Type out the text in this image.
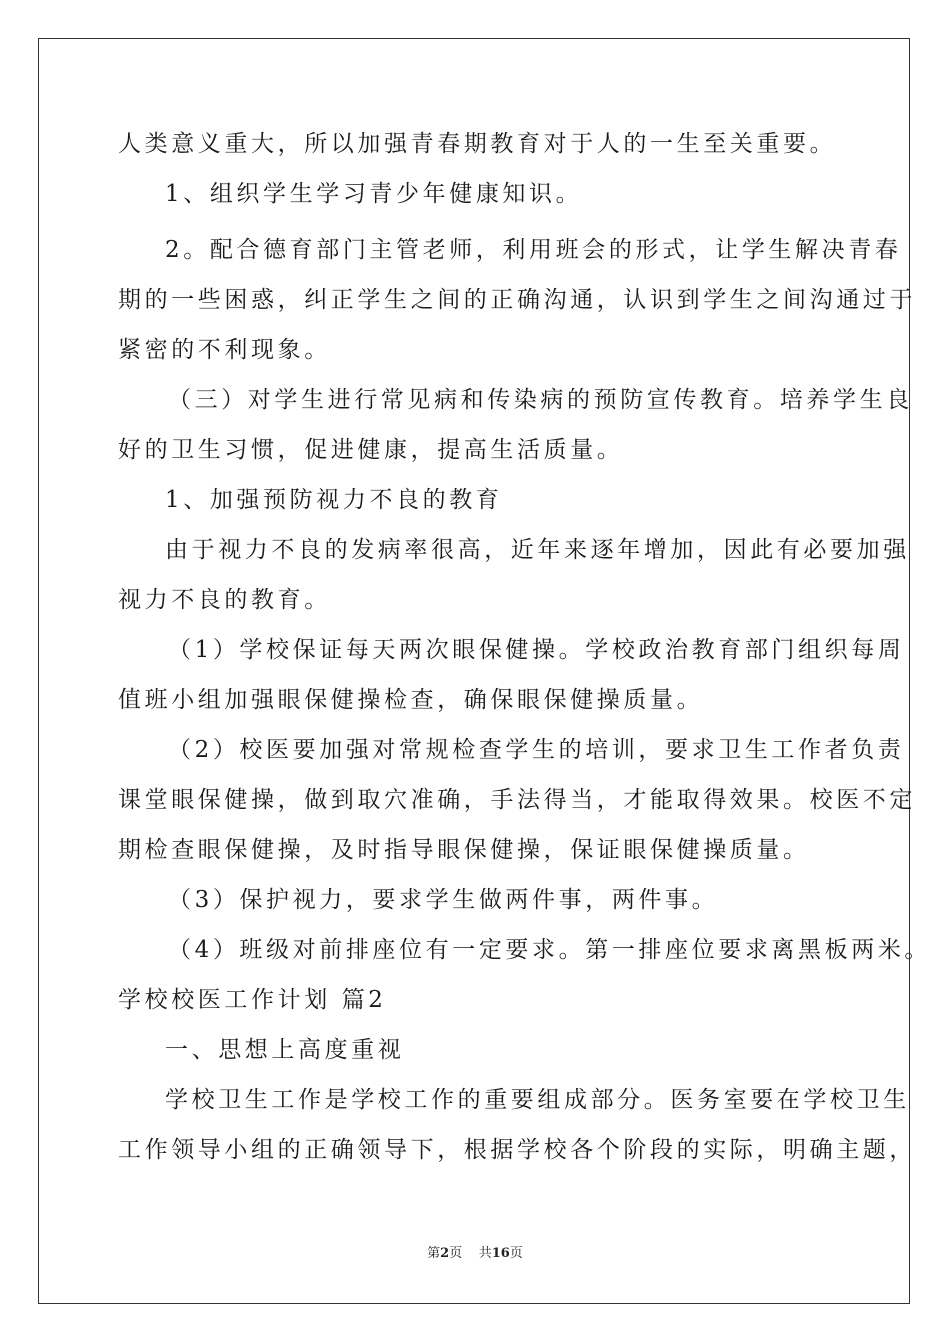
人类意义重大，所以加强青春期教育对于人的一生至关重要。
1、组织学生学习青少年健康知识。
2。配合德育部门主管老师，利用班会的形式，让学生解决青春
期的一些困惑，纠正学生之间的正确沟通，认识到学生之间沟通过于
紧密的不利现象。
（三）对学生进行常见病和传染病的预防宣传教育。培养学生良
好的卫生习惯，促进健康，提高生活质量。
1、加强预防视力不良的教育
由于视力不良的发病率很高，近年来逐年增加，因此有必要加强
视力不良的教育。
（1）学校保证每天两次眼保健操。学校政治教育部门组织每周
值班小组加强眼保健操检查，确保眼保健操质量。
（2）校医要加强对常规检查学生的培训，要求卫生工作者负责
课堂眼保健操，做到取穴准确，手法得当，才能取得效果。校医不定
期检查眼保健操，及时指导眼保健操，保证眼保健操质量。
（3）保护视力，要求学生做两件事，两件事。
（4）班级对前排座位有一定要求。第一排座位要求离黑板两米。
学校校医工作计划 篇2
一、思想上高度重视
学校卫生工作是学校工作的重要组成部分。医务室要在学校卫生
工作领导小组的正确领导下，根据学校各个阶段的实际，明确主题，
第2页 共16页
